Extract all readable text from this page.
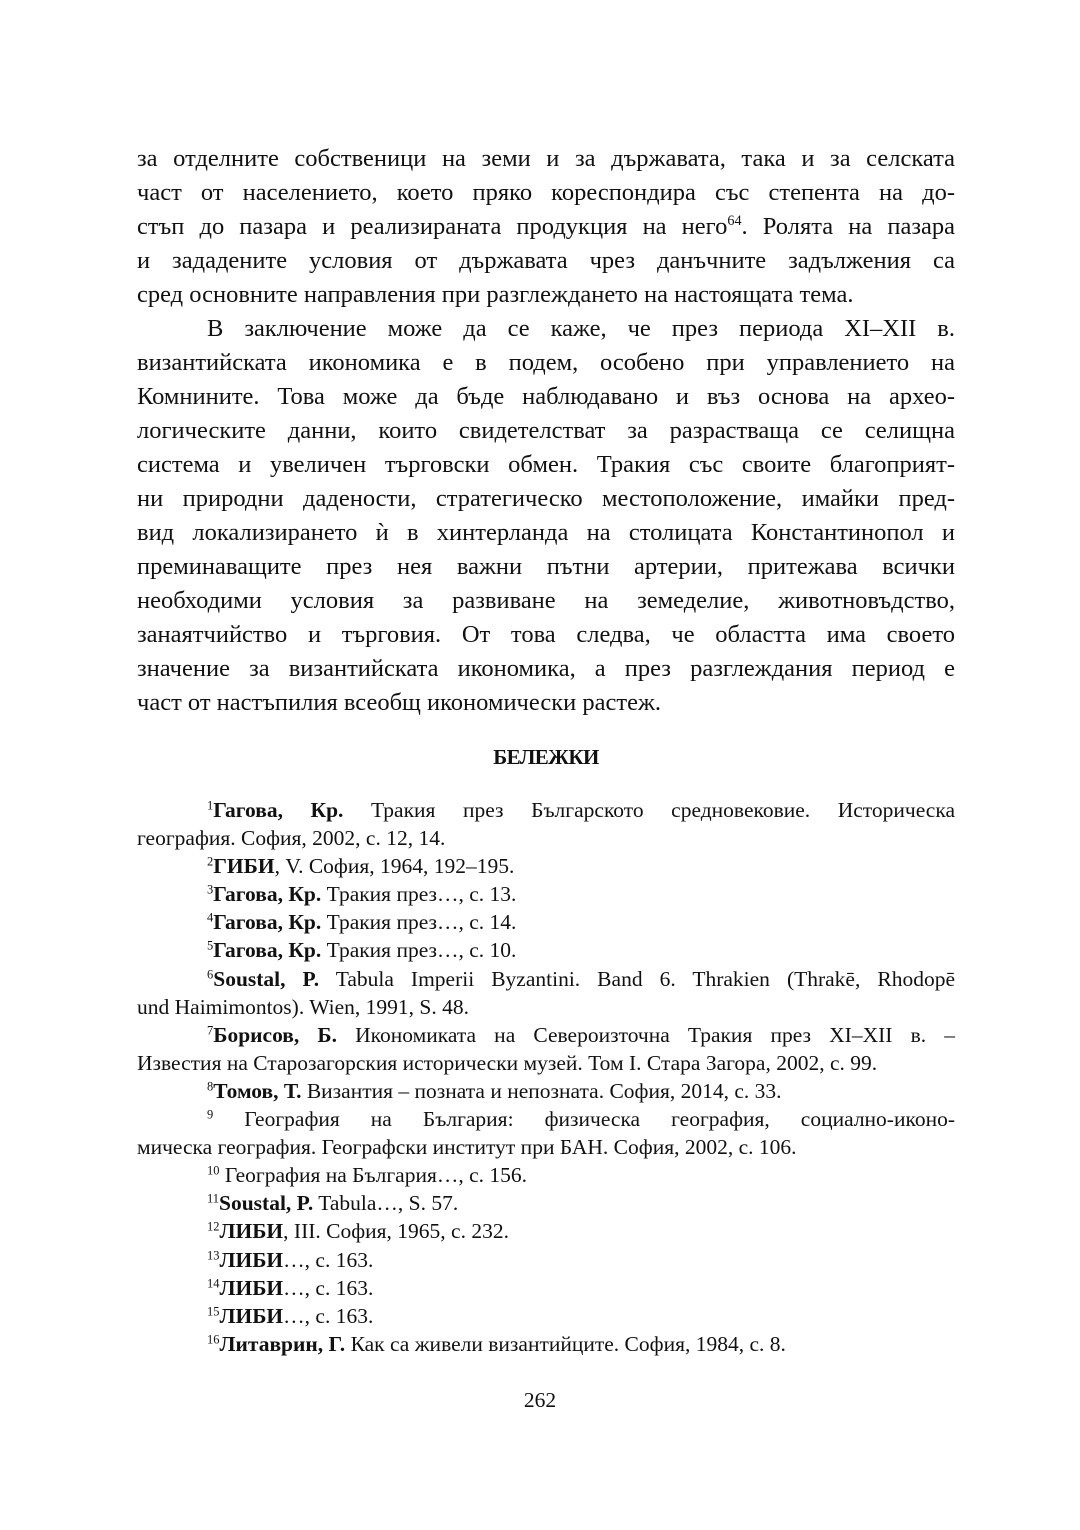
за отделните собственици на земи и за държавата, така и за селската
част от населението, което пряко кореспондира със степента на до-
стъп до пазара и реализираната продукция на него$^{64}$. Ролята на пазара
и зададените условия от държавата чрез данъчните задължения са
сред основните направления при разглеждането на настоящата тема.
В заключение може да се каже, че през периода XI–XII в.
византийската икономика е в подем, особено при управлението на
Комнините. Това може да бъде наблюдавано и въз основа на архео-
логическите данни, които свидетелстват за разрастваща се селищна
система и увеличен търговски обмен. Тракия със своите благоприят-
ни природни дадености, стратегическо местоположение, имайки пред-
вид локализирането ѝ в хинтерланда на столицата Константинопол и
преминаващите през нея важни пътни артерии, притежава всички
необходими условия за развиване на земеделие, животновъдство,
занаятчийство и търговия. От това следва, че областта има своето
значение за византийската икономика, а през разглеждания период е
част от настъпилия всеобщ икономически растеж.
БЕЛЕЖКИ
$^1$Гагова, Кр. Тракия през Българското средновековие. Историческа
география. София, 2002, с. 12, 14.
$^2$ГИБИ, V. София, 1964, 192–195.
$^3$Гагова, Кр. Тракия през…, с. 13.
$^4$Гагова, Кр. Тракия през…, с. 14.
$^5$Гагова, Кр. Тракия през…, с. 10.
$^6$Soustal, P. Tabula Imperii Byzantini. Band 6. Thrakien (Thrakē, Rhodopē
und Haimimontos). Wien, 1991, S. 48.
$^7$Борисов, Б. Икономиката на Североизточна Тракия през XI–XII в. –
Известия на Старозагорския исторически музей. Том I. Стара Загора, 2002, с. 99.
$^8$Томов, Т. Византия – позната и непозната. София, 2014, с. 33.
$^9$ География на България: физическа география, социално-иконо-
мическа география. Географски институт при БАН. София, 2002, с. 106.
$^{10}$ География на България…, с. 156.
$^{11}$Soustal, P. Tabula…, S. 57.
$^{12}$ЛИБИ, III. София, 1965, с. 232.
$^{13}$ЛИБИ…, с. 163.
$^{14}$ЛИБИ…, с. 163.
$^{15}$ЛИБИ…, с. 163.
$^{16}$Литаврин, Г. Как са живели византийците. София, 1984, с. 8.
262
